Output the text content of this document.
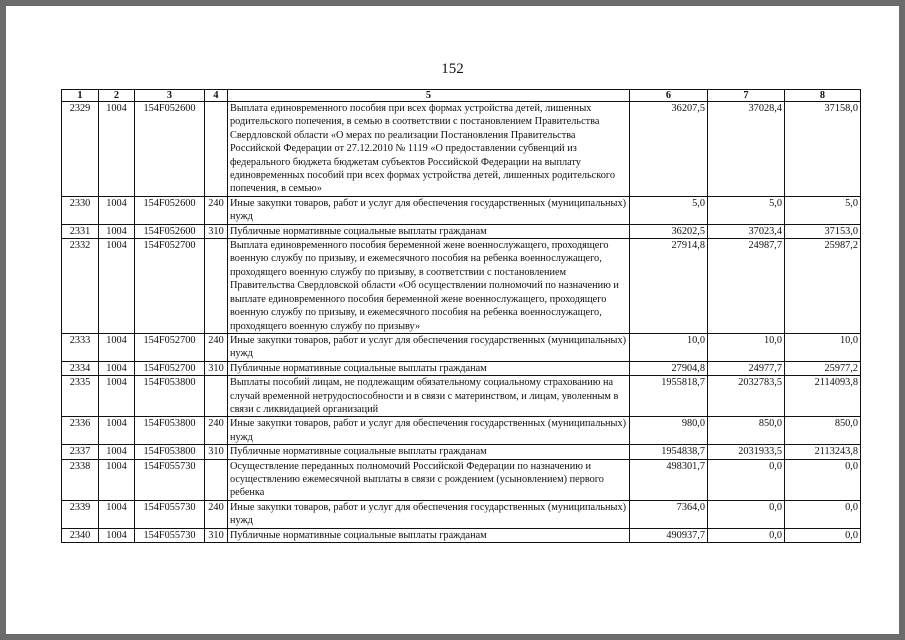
152
1	2	3	4	5	6	7	8
2329	1004	154F052600		Выплата единовременного пособия при всех формах устройства детей, лишенных родительского попечения, в семью в соответствии с постановлением Правительства Свердловской области «О мерах по реализации Постановления Правительства Российской Федерации от 27.12.2010 № 1119 «О предоставлении субвенций из федерального бюджета бюджетам субъектов Российской Федерации на выплату единовременных пособий при всех формах устройства детей, лишенных родительского попечения, в семью»	36207,5	37028,4	37158,0
2330	1004	154F052600	240	Иные закупки товаров, работ и услуг для обеспечения государственных (муниципальных) нужд	5,0	5,0	5,0
2331	1004	154F052600	310	Публичные нормативные социальные выплаты гражданам	36202,5	37023,4	37153,0
2332	1004	154F052700		Выплата единовременного пособия беременной жене военнослужащего, проходящего военную службу по призыву, и ежемесячного пособия на ребенка военнослужащего, проходящего военную службу по призыву, в соответствии с постановлением Правительства Свердловской области «Об осуществлении полномочий по назначению и выплате единовременного пособия беременной жене военнослужащего, проходящего военную службу по призыву, и ежемесячного пособия на ребенка военнослужащего, проходящего военную службу по призыву»	27914,8	24987,7	25987,2
2333	1004	154F052700	240	Иные закупки товаров, работ и услуг для обеспечения государственных (муниципальных) нужд	10,0	10,0	10,0
2334	1004	154F052700	310	Публичные нормативные социальные выплаты гражданам	27904,8	24977,7	25977,2
2335	1004	154F053800		Выплаты пособий лицам, не подлежащим обязательному социальному страхованию на случай временной нетрудоспособности и в связи с материнством, и лицам, уволенным в связи с ликвидацией организаций	1955818,7	2032783,5	2114093,8
2336	1004	154F053800	240	Иные закупки товаров, работ и услуг для обеспечения государственных (муниципальных) нужд	980,0	850,0	850,0
2337	1004	154F053800	310	Публичные нормативные социальные выплаты гражданам	1954838,7	2031933,5	2113243,8
2338	1004	154F055730		Осуществление переданных полномочий Российской Федерации по назначению и осуществлению ежемесячной выплаты в связи с рождением (усыновлением) первого ребенка	498301,7	0,0	0,0
2339	1004	154F055730	240	Иные закупки товаров, работ и услуг для обеспечения государственных (муниципальных) нужд	7364,0	0,0	0,0
2340	1004	154F055730	310	Публичные нормативные социальные выплаты гражданам	490937,7	0,0	0,0
